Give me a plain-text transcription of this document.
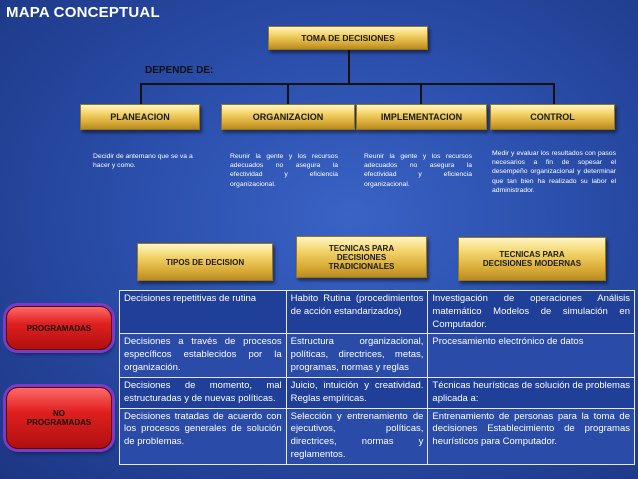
MAPA CONCEPTUAL
TOMA DE DECISIONES
DEPENDE DE:
PLANEACION	ORGANIZACION	IMPLEMENTACION	CONTROL
Decidir de antemano que se va a hacer y como.
Reunir la gente y los recursos adecuados no asegura la efectividad y eficiencia organizacional.
Reunir la gente y los recursos adecuados no asegura la efectividad y eficiencia organizacional.
Medir y evaluar los resultados con pasos necesarios a fin de sopesar el desempeño organizacional y determinar que tan bien ha realizado su labor el administrador.
TIPOS DE DECISION
TECNICAS PARA DECISIONES TRADICIONALES
TECNICAS PARA DECISIONES MODERNAS
PROGRAMADAS
NO PROGRAMADAS
Decisiones repetitivas de rutina	Habito Rutina (procedimientos de acción estandarizados)	Investigación de operaciones Análisis matemático Modelos de simulación en Computador.
Decisiones a través de procesos específicos establecidos por la organización.	Estructura organizacional, políticas, directrices, metas, programas, normas y reglas	Procesamiento electrónico de datos
Decisiones de momento, mal estructuradas y de nuevas políticas.	Juicio, intuición y creatividad. Reglas empíricas.	Técnicas heurísticas de solución de problemas aplicada a:
Decisiones tratadas de acuerdo con los procesos generales de solución de problemas.	Selección y entrenamiento de ejecutivos, políticas, directrices, normas y reglamentos.	Entrenamiento de personas para la toma de decisiones Establecimiento de programas heurísticos para Computador.
